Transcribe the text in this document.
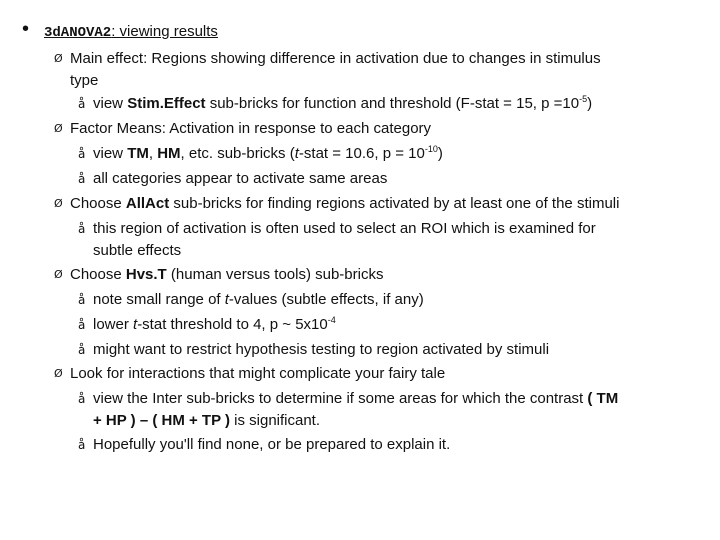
• 3dANOVA2: viewing results
Ø Main effect: Regions showing difference in activation due to changes in stimulus
type
å view Stim.Effect sub-bricks for function and threshold (F-stat = 15, $p =10^{-5}$)
Ø Factor Means: Activation in response to each category
å view TM, HM, etc. sub-bricks (t-stat = 10.6, $p = 10^{-10}$)
å all categories appear to activate same areas
Ø Choose AllAct sub-bricks for finding regions activated by at least one of the stimuli
å this region of activation is often used to select an ROI which is examined for
subtle effects
Ø Choose Hvs.T (human versus tools) sub-bricks
å note small range of t-values (subtle effects, if any)
å lower t-stat threshold to 4, p ~ $5x10^{-4}$
å might want to restrict hypothesis testing to region activated by stimuli
Ø Look for interactions that might complicate your fairy tale
å view the Inter sub-bricks to determine if some areas for which the contrast ( TM
+ HP ) – ( HM + TP ) is significant.
å Hopefully you'll find none, or be prepared to explain it.
